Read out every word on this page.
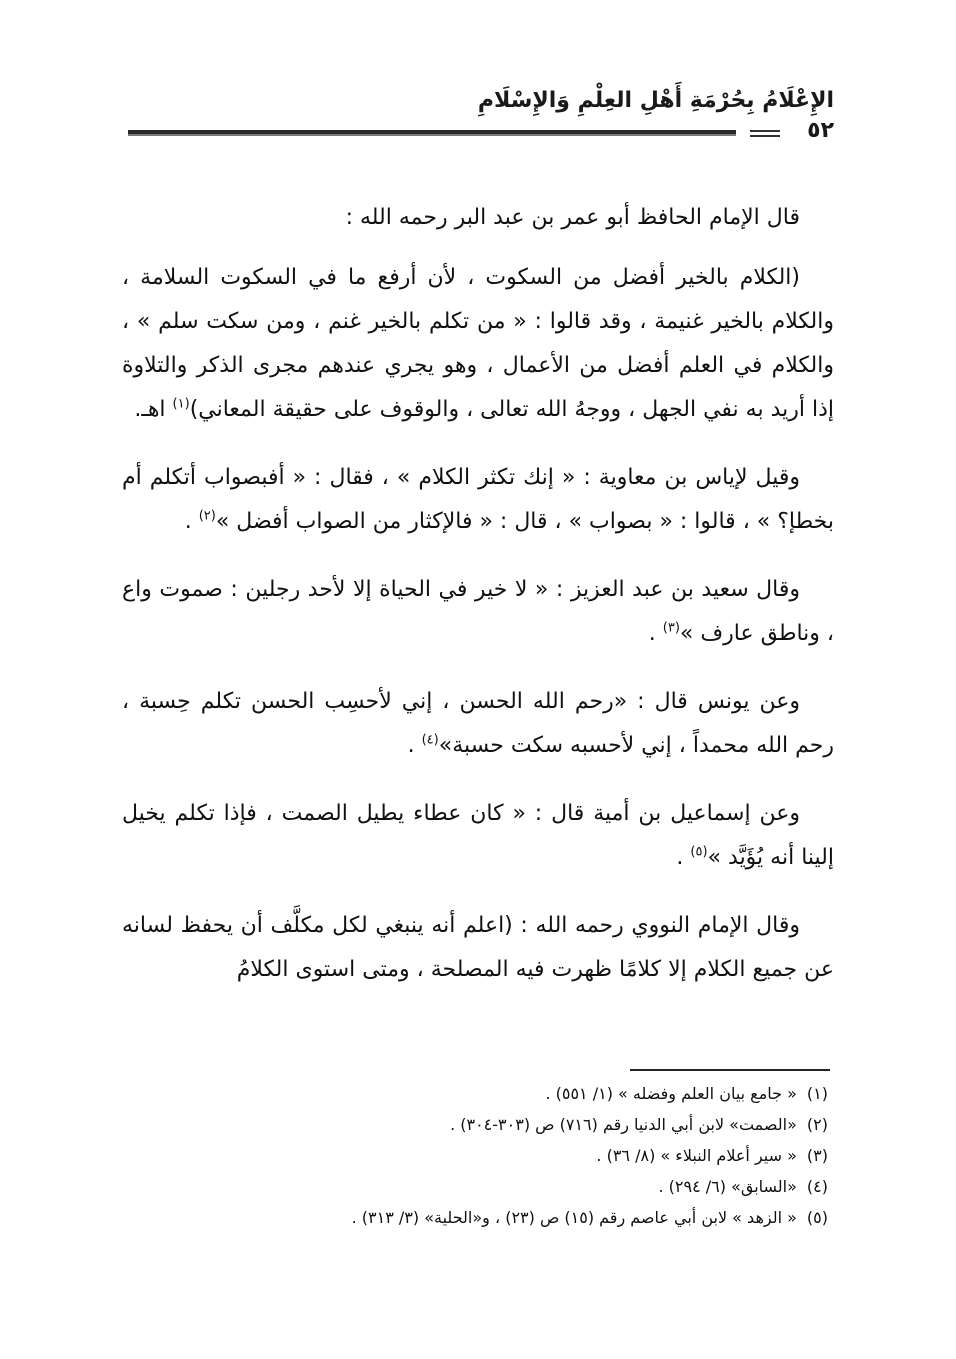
الإِعْلَامُ بِحُرْمَةِ أَهْلِ العِلْمِ وَالإِسْلَامِ
٥٢

قال الإمام الحافظ أبو عمر بن عبد البر رحمه الله :

(الكلام بالخير أفضل من السكوت ، لأن أرفع ما في السكوت السلامة ، والكلام بالخير غنيمة ، وقد قالوا : « من تكلم بالخير غنم ، ومن سكت سلم » ، والكلام في العلم أفضل من الأعمال ، وهو يجري عندهم مجرى الذكر والتلاوة إذا أريد به نفي الجهل ، ووجهُ الله تعالى ، والوقوف على حقيقة المعاني)$^{(١)}$ اهـ.

وقيل لإياس بن معاوية : « إنك تكثر الكلام » ، فقال : « أفبصواب أتكلم أم بخطإ؟ » ، قالوا : « بصواب » ، قال : « فالإكثار من الصواب أفضل »$^{(٢)}$ .

وقال سعيد بن عبد العزيز : « لا خير في الحياة إلا لأحد رجلين : صموت واع ، وناطق عارف »$^{(٣)}$ .

وعن يونس قال : «رحم الله الحسن ، إني لأحسِب الحسن تكلم حِسبة ، رحم الله محمداً ، إني لأحسبه سكت حسبة»$^{(٤)}$ .

وعن إسماعيل بن أمية قال : « كان عطاء يطيل الصمت ، فإذا تكلم يخيل إلينا أنه يُؤَيَّد »$^{(٥)}$ .

وقال الإمام النووي رحمه الله : (اعلم أنه ينبغي لكل مكلَّف أن يحفظ لسانه عن جميع الكلام إلا كلامًا ظهرت فيه المصلحة ، ومتى استوى الكلامُ

(١)« جامع بيان العلم وفضله » (١/ ٥٥١) .

(٢)«الصمت» لابن أبي الدنيا رقم (٧١٦) ص (٣٠٣-٣٠٤) .

(٣)« سير أعلام النبلاء » (٨/ ٣٦) .

(٤)«السابق» (٦/ ٢٩٤) .

(٥)« الزهد » لابن أبي عاصم رقم (١٥) ص (٢٣) ، و«الحلية» (٣/ ٣١٣) .
